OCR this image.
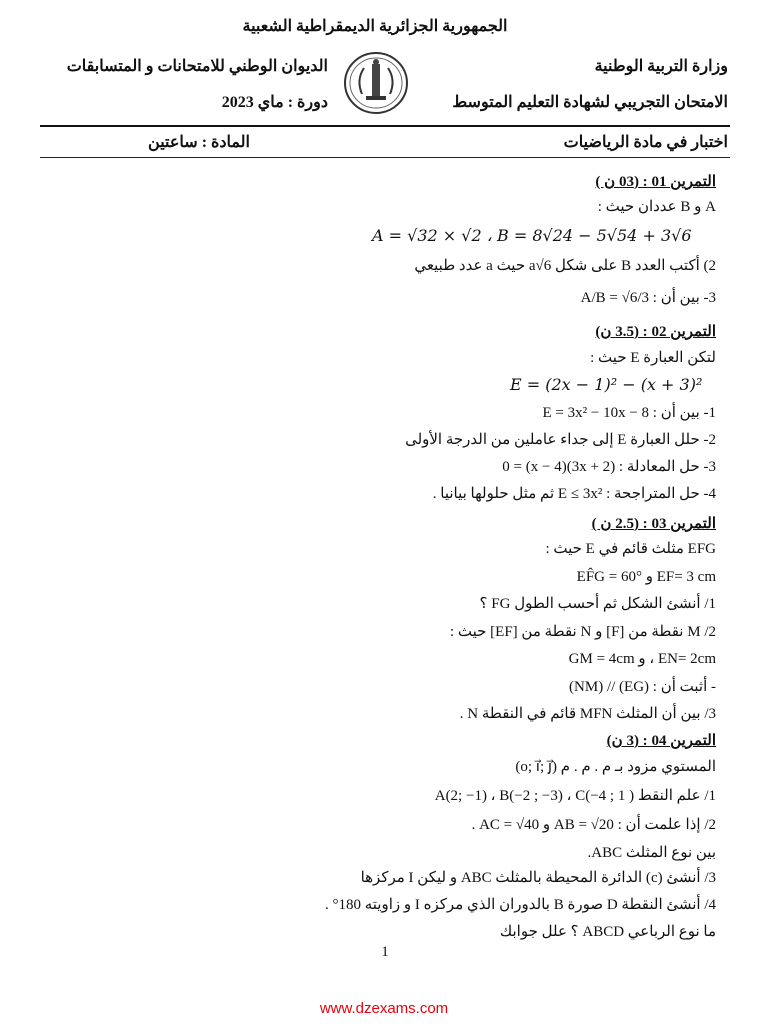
الجمهورية الجزائرية الديمقراطية الشعبية
وزارة التربية الوطنية
الديوان الوطني للامتحانات و المتسابقات
الامتحان التجريبي لشهادة التعليم المتوسط
دورة : ماي 2023
اختبار في مادة الرياضيات
المادة : ساعتين
التمرين 01 : (03 ن )
A و B عددان حيث :
A = √32 × √2 ، B = 8√24 − 5√54 + 3√6
2) أكتب العدد B على شكل a√6 حيث a عدد طبيعي
3- بين أن : A/B = √6/3
التمرين 02 : (3.5 ن)
لتكن العبارة E حيث :
E = (2x − 1)² − (x + 3)²
1- بين أن : E = 3x² − 10x − 8
2- حلل العبارة E إلى جداء عاملين من الدرجة الأولى
3- حل المعادلة : (3x + 2)(x − 4) = 0
4- حل المتراجحة : E ≤ 3x² ثم مثل حلولها بيانيا .
التمرين 03 : (2.5 ن )
EFG مثلث قائم في E حيث :
EF= 3 cm و EF̂G = 60°
1/ أنشئ الشكل ثم أحسب الطول FG ؟
2/ M نقطة من [F] و N نقطة من [EF] حيث :
EN= 2cm ، و GM = 4cm
- أثبت أن : (EG) // (NM)
3/ بين أن المثلث MFN قائم في النقطة N .
التمرين 04 : (3 ن)
المستوي مزود بـ م . م . م (o; i⃗; j⃗)
1/ علم النقط A(2; −1) ، B(−2 ; −3) ، C(−4 ; 1 )
2/ إذا علمت أن : AB = √20 و AC = √40 .
بين نوع المثلث ABC.
3/ أنشئ (c) الدائرة المحيطة بالمثلث ABC و ليكن I مركزها
4/ أنشئ النقطة D صورة B بالدوران الذي مركزه I و زاويته 180° .
ما نوع الرباعي ABCD ؟ علل جوابك
1
www.dzexams.com
